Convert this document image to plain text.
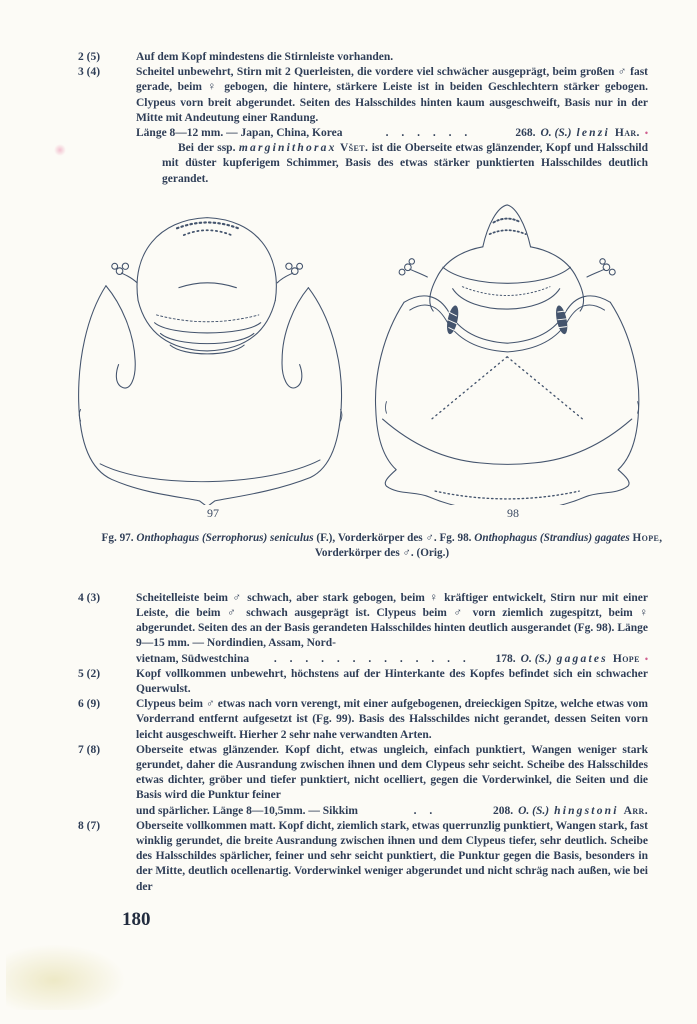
2 (5)	Auf dem Kopf mindestens die Stirnleiste vorhanden.
3 (4)	Scheitel unbewehrt, Stirn mit 2 Querleisten, die vordere viel schwächer ausgeprägt, beim großen ♂ fast gerade, beim ♀ gebogen, die hintere, stärkere Leiste ist in beiden Geschlechtern stärker gebogen. Clypeus vorn breit abgerundet. Seiten des Halsschildes hinten kaum ausgeschweift, Basis nur in der Mitte mit Andeutung einer Randung.
Länge 8—12 mm. — Japan, China, Korea	. . . . . .	268. O. (S.) lenzi Har. •
Bei der ssp. marginithorax Všet. ist die Oberseite etwas glänzender, Kopf und Halsschild mit düster kupferigem Schimmer, Basis des etwas stärker punktierten Halsschildes deutlich gerandet.
97	98
Fg. 97. Onthophagus (Serrophorus) seniculus (F.), Vorderkörper des ♂. Fg. 98. Onthophagus (Strandius) gagates Hope, Vorderkörper des ♂. (Orig.)
4 (3)	Scheitelleiste beim ♂ schwach, aber stark gebogen, beim ♀ kräftiger entwickelt, Stirn nur mit einer Leiste, die beim ♂ schwach ausgeprägt ist. Clypeus beim ♂ vorn ziemlich zugespitzt, beim ♀ abgerundet. Seiten des an der Basis gerandeten Halsschildes hinten deutlich ausgerandet (Fg. 98). Länge 9—15 mm. — Nordindien, Assam, Nord-
vietnam, Südwestchina	. . . . . . . . . . . . .	178. O. (S.) gagates Hope •
5 (2)	Kopf vollkommen unbewehrt, höchstens auf der Hinterkante des Kopfes befindet sich ein schwacher Querwulst.
6 (9)	Clypeus beim ♂ etwas nach vorn verengt, mit einer aufgebogenen, dreieckigen Spitze, welche etwas vom Vorderrand entfernt aufgesetzt ist (Fg. 99). Basis des Halsschildes nicht gerandet, dessen Seiten vorn leicht ausgeschweift. Hierher 2 sehr nahe verwandten Arten.
7 (8)	Oberseite etwas glänzender. Kopf dicht, etwas ungleich, einfach punktiert, Wangen weniger stark gerundet, daher die Ausrandung zwischen ihnen und dem Clypeus sehr seicht. Scheibe des Halsschildes etwas dichter, gröber und tiefer punktiert, nicht ocelliert, gegen die Vorderwinkel, die Seiten und die Basis wird die Punktur feiner
und spärlicher. Länge 8—10,5mm. — Sikkim	. .	208. O. (S.) hingstoni Arr.
8 (7)	Oberseite vollkommen matt. Kopf dicht, ziemlich stark, etwas querrunzlig punktiert, Wangen stark, fast winklig gerundet, die breite Ausrandung zwischen ihnen und dem Clypeus tiefer, sehr deutlich. Scheibe des Halsschildes spärlicher, feiner und sehr seicht punktiert, die Punktur gegen die Basis, besonders in der Mitte, deutlich ocellenartig. Vorderwinkel weniger abgerundet und nicht schräg nach außen, wie bei der
180
